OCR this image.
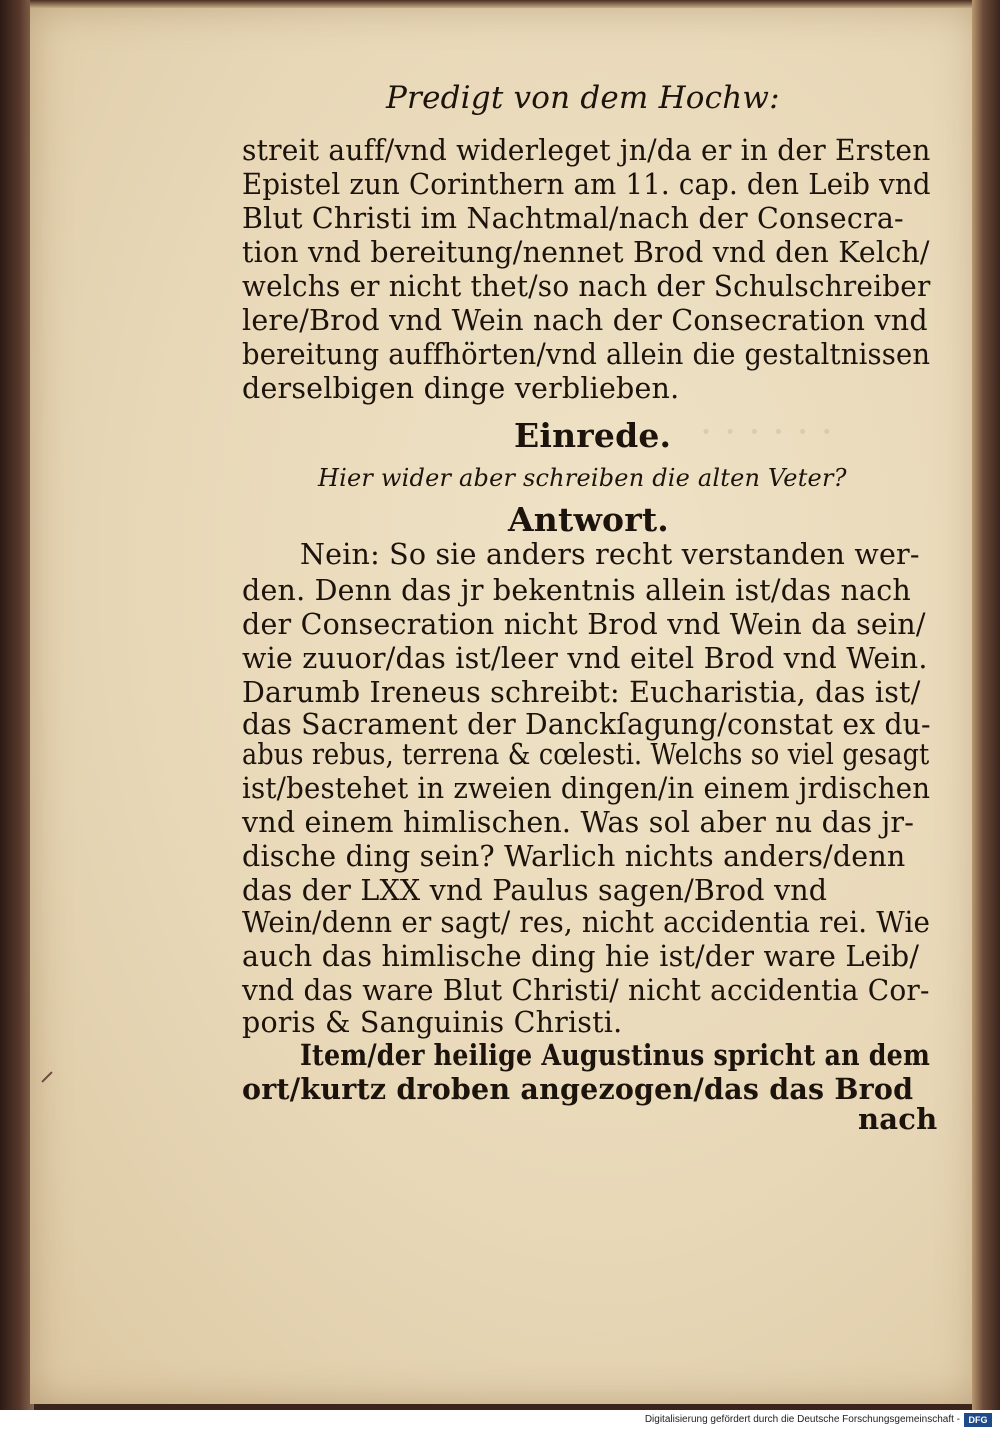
· · · · · ·
Predigt von dem Hochw:
streit auff/vnd widerleget jn/da er in der Ersten
Epistel zun Corinthern am 11. cap. den Leib vnd
Blut Christi im Nachtmal/nach der Consecra-
tion vnd bereitung/nennet Brod vnd den Kelch/
welchs er nicht thet/so nach der Schulschreiber
lere/Brod vnd Wein nach der Consecration vnd
bereitung auffhörten/vnd allein die gestaltnissen
derselbigen dinge verblieben.
Einrede.
Hier wider aber schreiben die alten Veter?
Antwort.
Nein: So sie anders recht verstanden wer-
den. Denn das jr bekentnis allein ist/das nach
der Consecration nicht Brod vnd Wein da sein/
wie zuuor/das ist/leer vnd eitel Brod vnd Wein.
Darumb Ireneus schreibt: Eucharistia, das ist/
das Sacrament der Danckſagung/constat ex du-
abus rebus, terrena & cœlesti. Welchs so viel gesagt
ist/bestehet in zweien dingen/in einem jrdischen
vnd einem himlischen. Was sol aber nu das jr-
dische ding sein? Warlich nichts anders/denn
das der LXX vnd Paulus sagen/Brod vnd
Wein/denn er sagt/ res, nicht accidentia rei. Wie
auch das himlische ding hie ist/der ware Leib/
vnd das ware Blut Christi/ nicht accidentia Cor-
poris & Sanguinis Christi.
Item/der heilige Augustinus spricht an dem
ort/kurtz droben angezogen/das das Brod
nach
Digitalisierung gefördert durch die Deutsche Forschungsgemeinschaft - DFG
